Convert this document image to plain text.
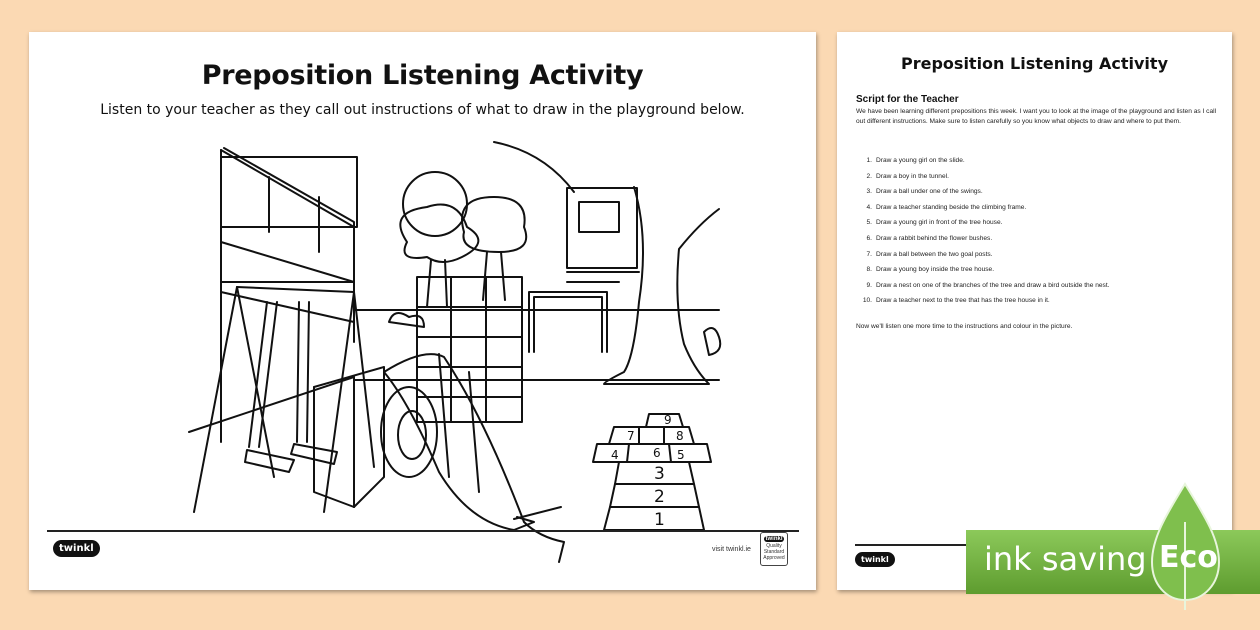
Preposition Listening Activity
Listen to your teacher as they call out instructions of what to draw in the playground below.
1
2
3
4	5
6
7	8
9
twinkl	visit twinkl.ie
twinkl
Quality Standard Approved
Preposition Listening Activity
Script for the Teacher
We have been learning different prepositions this week. I want you to look at the image of the playground and listen as I call out different instructions. Make sure to listen carefully so you know what objects to draw and where to put them.
1. Draw a young girl on the slide.
2. Draw a boy in the tunnel.
3. Draw a ball under one of the swings.
4. Draw a teacher standing beside the climbing frame.
5. Draw a young girl in front of the tree house.
6. Draw a rabbit behind the flower bushes.
7. Draw a ball between the two goal posts.
8. Draw a young boy inside the tree house.
9. Draw a nest on one of the branches of the tree and draw a bird outside the nest.
10. Draw a teacher next to the tree that has the tree house in it.
Now we'll listen one more time to the instructions and colour in the picture.
twinkl	ink saving Eco
